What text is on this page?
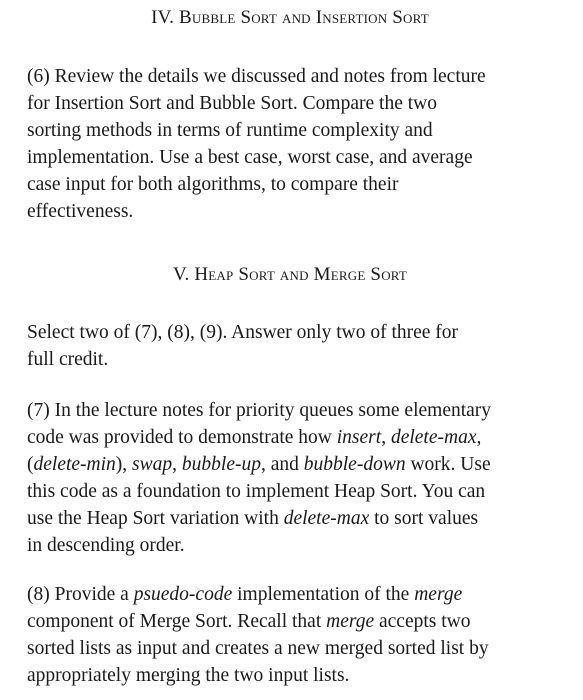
IV. Bubble Sort and Insertion Sort

(6) Review the details we discussed and notes from lecture
for Insertion Sort and Bubble Sort. Compare the two
sorting methods in terms of runtime complexity and
implementation. Use a best case, worst case, and average
case input for both algorithms, to compare their
effectiveness.

V. Heap Sort and Merge Sort

Select two of (7), (8), (9). Answer only two of three for
full credit.

(7) In the lecture notes for priority queues some elementary
code was provided to demonstrate how insert, delete-max,
(delete-min), swap, bubble-up, and bubble-down work. Use
this code as a foundation to implement Heap Sort. You can
use the Heap Sort variation with delete-max to sort values
in descending order.

(8) Provide a psuedo-code implementation of the merge
component of Merge Sort. Recall that merge accepts two
sorted lists as input and creates a new merged sorted list by
appropriately merging the two input lists.
